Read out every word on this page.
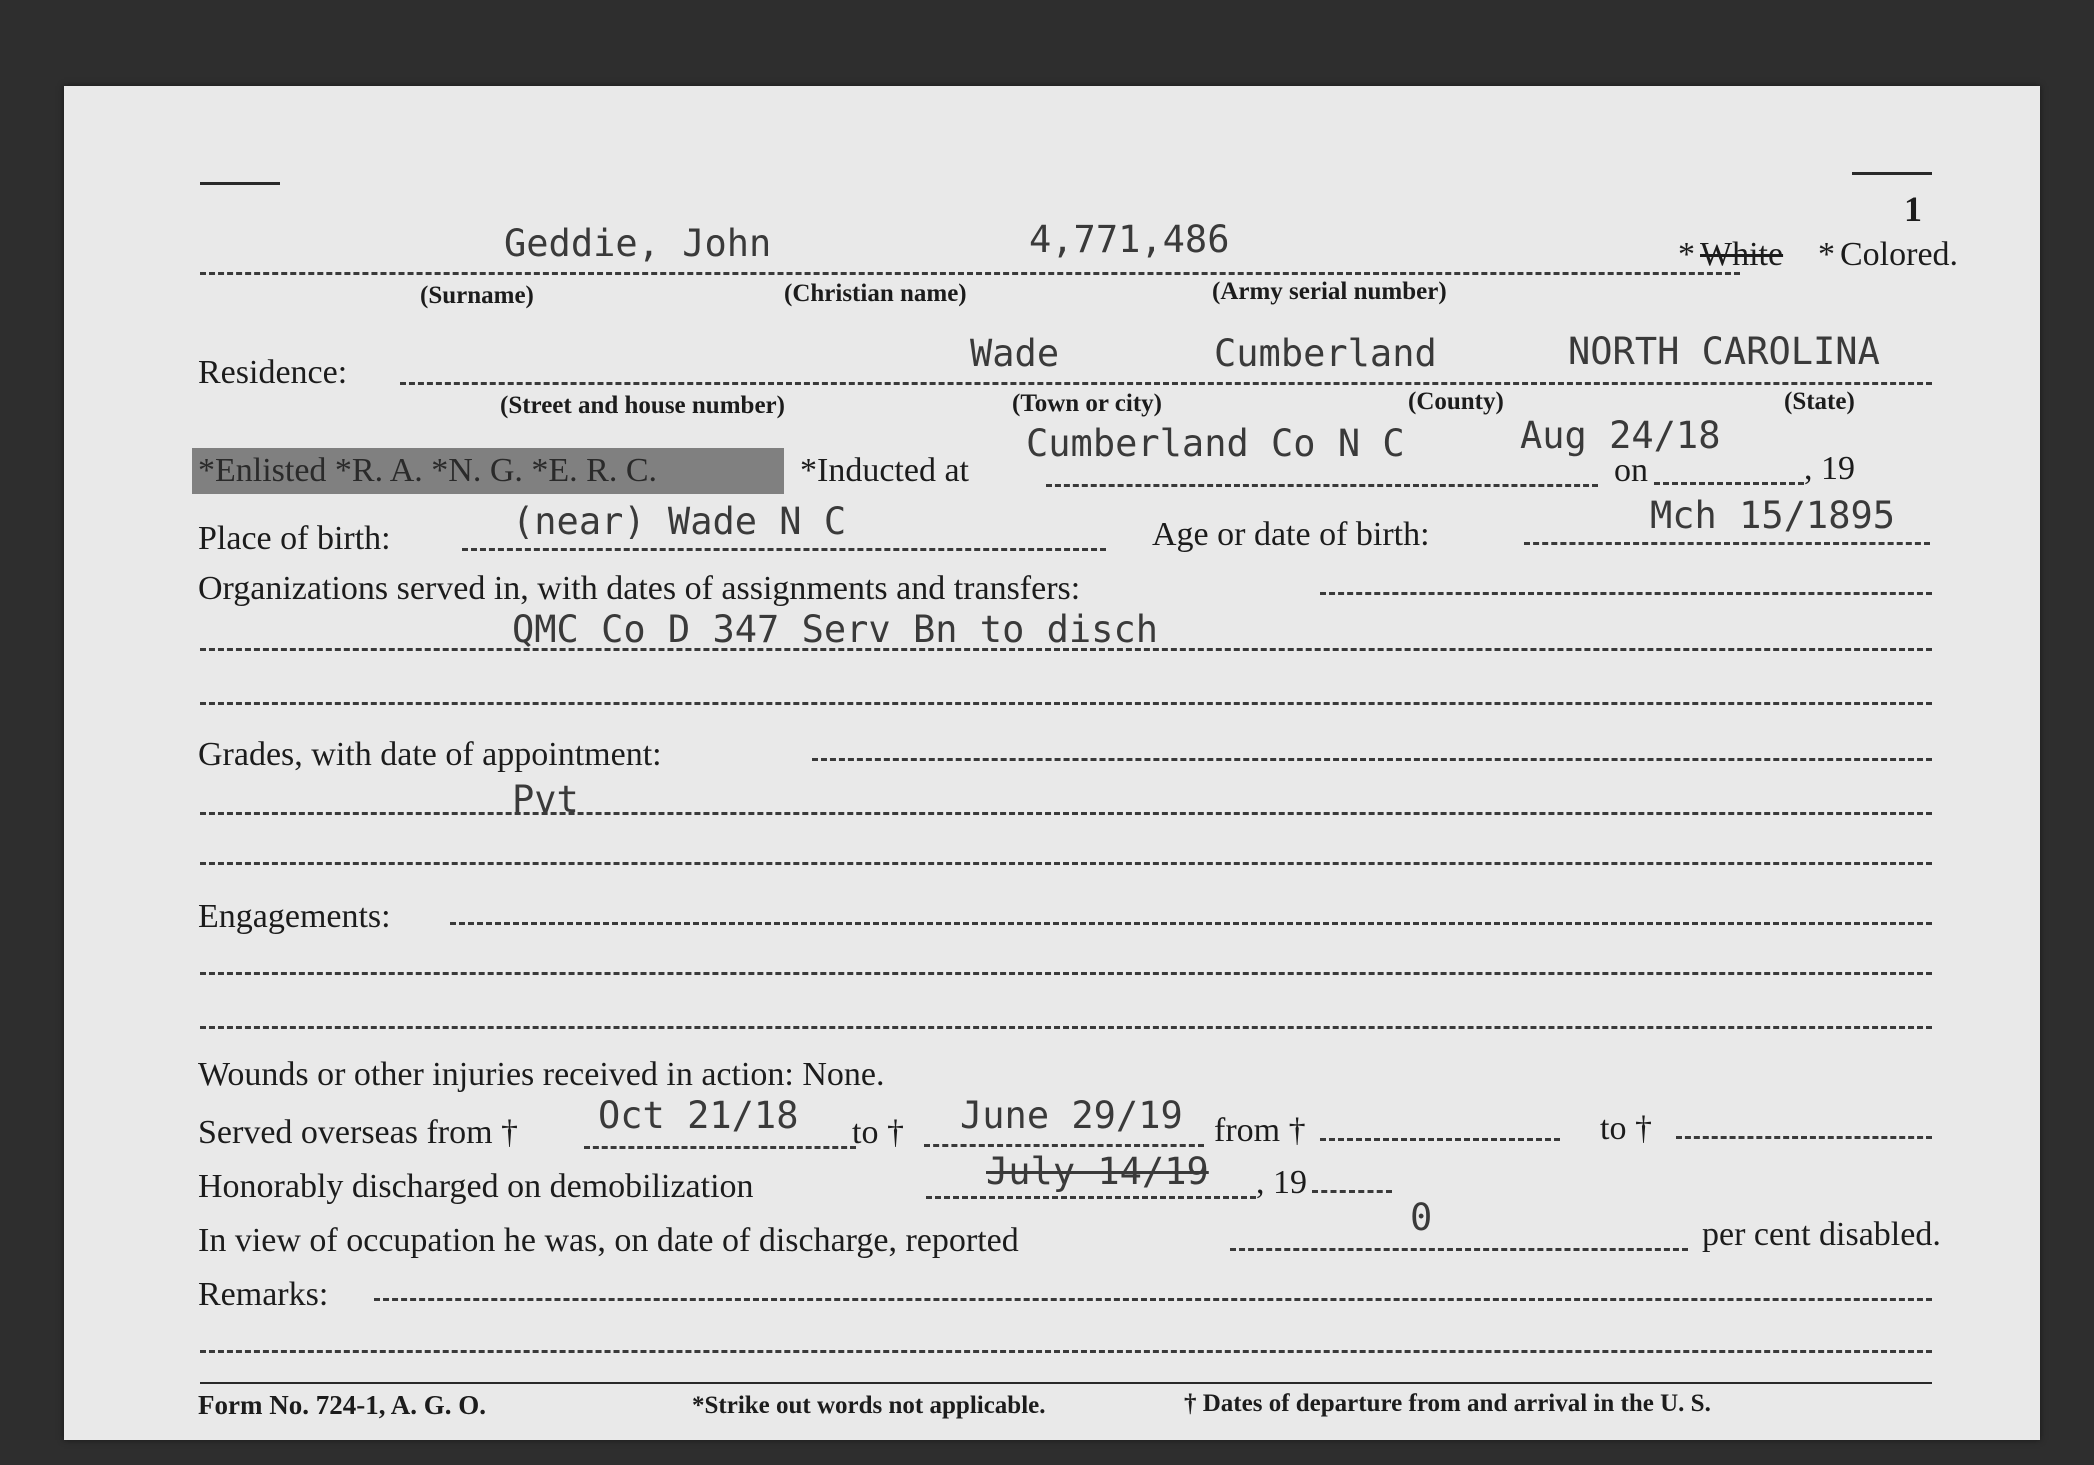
1
Geddie, John	4,771,486	* White * Colored.
(Surname)	(Christian name)	(Army serial number)
Residence:	Wade	Cumberland	NORTH CAROLINA
(Street and house number)	(Town or city)	(County)	(State)
*Enlisted *R. A. *N. G. *E. R. C.	*Inducted at
Cumberland Co N C	Aug 24/18
on	, 19
Place of birth:	(near) Wade N C	Age or date of birth:	Mch 15/1895
Organizations served in, with dates of assignments and transfers:
QMC Co D 347 Serv Bn to disch
Grades, with date of appointment:
Pvt
Engagements:
Wounds or other injuries received in action: None.
Served overseas from † Oct 21/18 to † June 29/19 from †	to †
Honorably discharged on demobilization	July 14/19 , 19
In view of occupation he was, on date of discharge, reported
0	per cent disabled.
Remarks:
Form No. 724-1, A. G. O.	*Strike out words not applicable.	† Dates of departure from and arrival in the U. S.
